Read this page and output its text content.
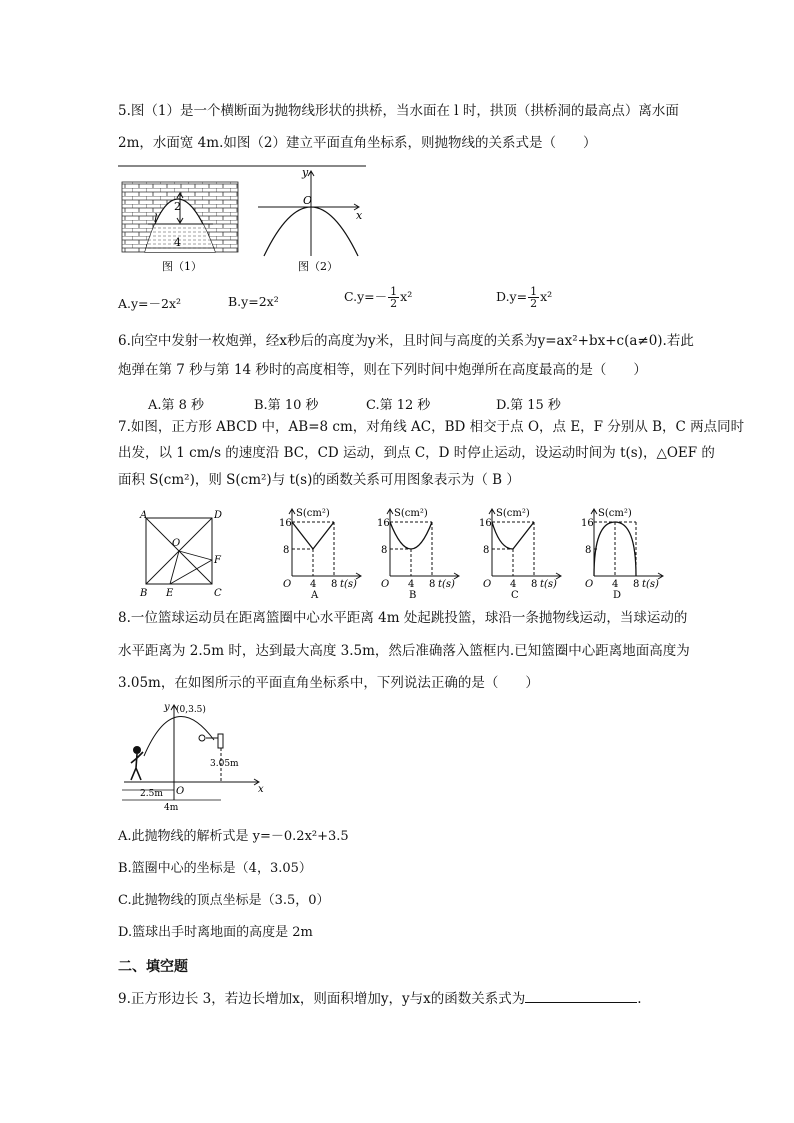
5.图（1）是一个横断面为抛物线形状的拱桥，当水面在 l 时，拱顶（拱桥洞的最高点）离水面
2m，水面宽 4m.如图（2）建立平面直角坐标系，则抛物线的关系式是（　　）
2
l
4
图（1）
y
O
x
图（2）
A.y=－2x²	B.y=2x²	$C.y=- \frac{1}{2} x^2$	$D.y= \frac{1}{2} x^2$
6.向空中发射一枚炮弹，经x秒后的高度为y米，且时间与高度的关系为y=ax²+bx+c(a≠0).若此
炮弹在第 7 秒与第 14 秒时的高度相等，则在下列时间中炮弹所在高度最高的是（　　）
A.第 8 秒	B.第 10 秒	C.第 12 秒	D.第 15 秒
7.如图，正方形 ABCD 中，AB=8 cm，对角线 AC，BD 相交于点 O，点 E，F 分别从 B，C 两点同时
出发，以 1 cm/s 的速度沿 BC，CD 运动，到点 C，D 时停止运动，设运动时间为 t(s)，△OEF 的
面积 S(cm²)，则 S(cm²)与 t(s)的函数关系可用图象表示为（ B ）
A	D
B	C
O
E
F
S(cm²)
16
8
O 4 8 t(s)
A
S(cm²)
16
8
O 4 8 t(s)
B
S(cm²)
16
8
O 4 8 t(s)
C
S(cm²)
16
8
O 4 8 t(s)
D
8.一位篮球运动员在距离篮圈中心水平距离 4m 处起跳投篮，球沿一条抛物线运动，当球运动的
水平距离为 2.5m 时，达到最大高度 3.5m，然后准确落入篮框内.已知篮圈中心距离地面高度为
3.05m，在如图所示的平面直角坐标系中，下列说法正确的是（　　）
(0,3.5)
y
x
O
3.05m
2.5m
4m
A.此抛物线的解析式是 y=－0.2x²+3.5
B.篮圈中心的坐标是（4，3.05）
C.此抛物线的顶点坐标是（3.5，0）
D.篮球出手时离地面的高度是 2m
二、填空题
9.正方形边长 3，若边长增加x，则面积增加y，y与x的函数关系式为	.
